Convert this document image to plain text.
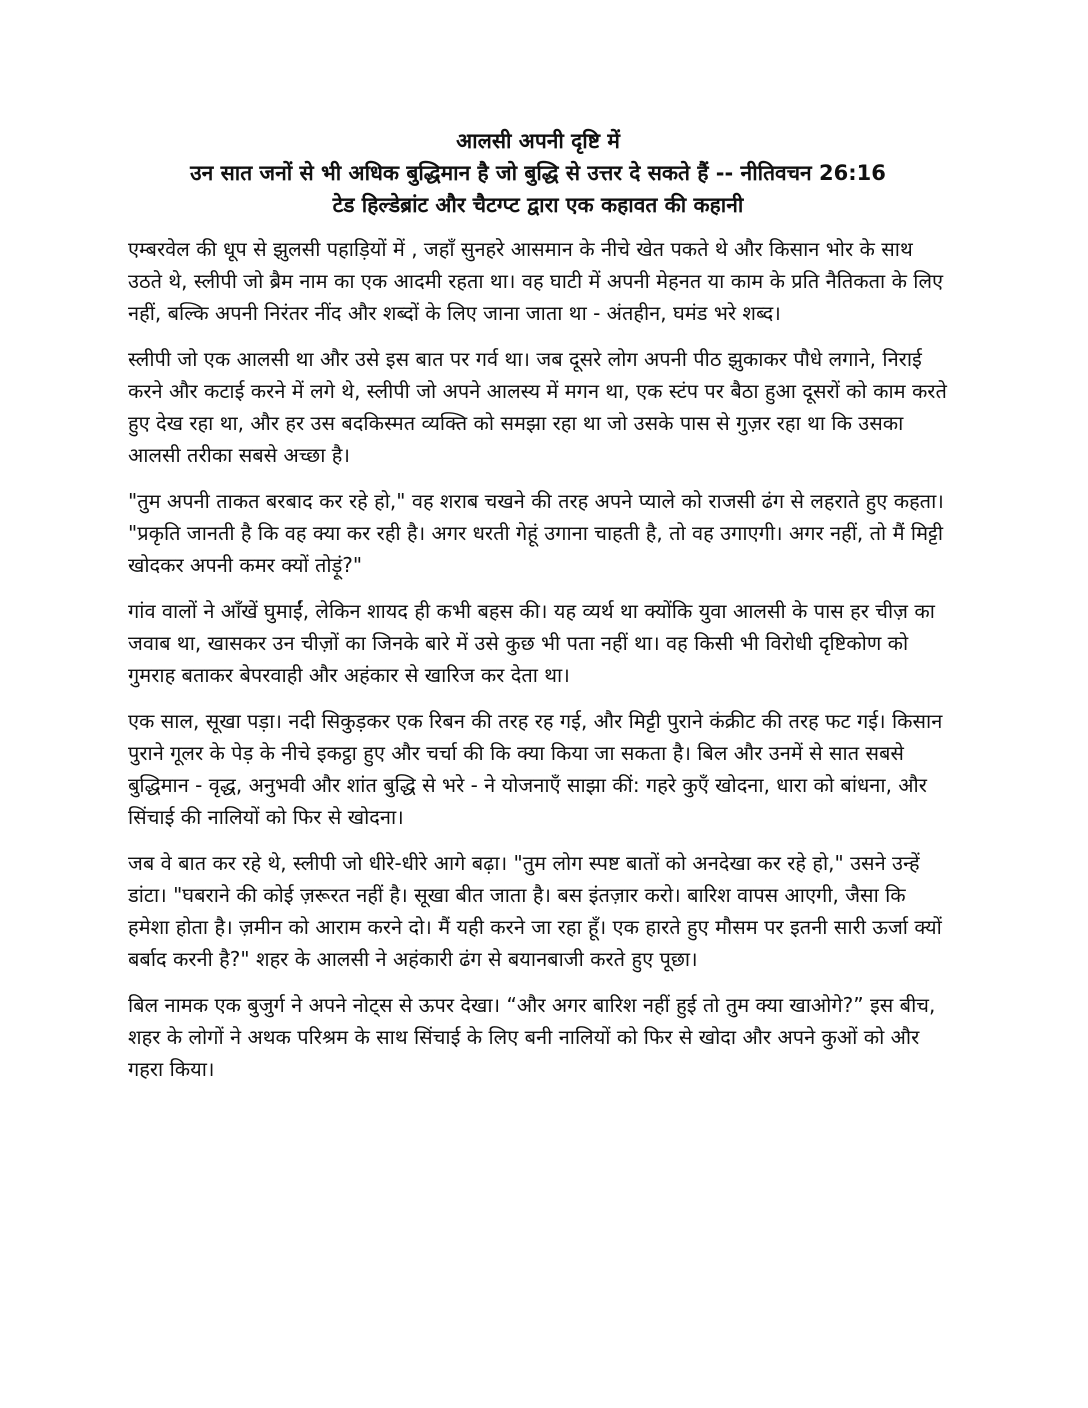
आलसी अपनी दृष्टि में

उन सात जनों से भी अधिक बुद्धिमान है जो बुद्धि से उत्तर दे सकते हैं -- नीतिवचन 26:16

टेड हिल्डेब्रांट और चैटग्प्ट द्वारा एक कहावत की कहानी

एम्बरवेल की धूप से झुलसी पहाड़ियों में , जहाँ सुनहरे आसमान के नीचे खेत पकते थे और किसान भोर के साथ उठते थे, स्लीपी जो ब्रैम नाम का एक आदमी रहता था। वह घाटी में अपनी मेहनत या काम के प्रति नैतिकता के लिए नहीं, बल्कि अपनी निरंतर नींद और शब्दों के लिए जाना जाता था - अंतहीन, घमंड भरे शब्द।

स्लीपी जो एक आलसी था और उसे इस बात पर गर्व था। जब दूसरे लोग अपनी पीठ झुकाकर पौधे लगाने, निराई करने और कटाई करने में लगे थे, स्लीपी जो अपने आलस्य में मगन था, एक स्टंप पर बैठा हुआ दूसरों को काम करते हुए देख रहा था, और हर उस बदकिस्मत व्यक्ति को समझा रहा था जो उसके पास से गुज़र रहा था कि उसका आलसी तरीका सबसे अच्छा है।

"तुम अपनी ताकत बरबाद कर रहे हो," वह शराब चखने की तरह अपने प्याले को राजसी ढंग से लहराते हुए कहता। "प्रकृति जानती है कि वह क्या कर रही है। अगर धरती गेहूं उगाना चाहती है, तो वह उगाएगी। अगर नहीं, तो मैं मिट्टी खोदकर अपनी कमर क्यों तोड़ूं?"

गांव वालों ने आँखें घुमाईं, लेकिन शायद ही कभी बहस की। यह व्यर्थ था क्योंकि युवा आलसी के पास हर चीज़ का जवाब था, खासकर उन चीज़ों का जिनके बारे में उसे कुछ भी पता नहीं था। वह किसी भी विरोधी दृष्टिकोण को गुमराह बताकर बेपरवाही और अहंकार से खारिज कर देता था।

एक साल, सूखा पड़ा। नदी सिकुड़कर एक रिबन की तरह रह गई, और मिट्टी पुराने कंक्रीट की तरह फट गई। किसान पुराने गूलर के पेड़ के नीचे इकट्ठा हुए और चर्चा की कि क्या किया जा सकता है। बिल और उनमें से सात सबसे बुद्धिमान - वृद्ध, अनुभवी और शांत बुद्धि से भरे - ने योजनाएँ साझा कीं: गहरे कुएँ खोदना, धारा को बांधना, और सिंचाई की नालियों को फिर से खोदना।

जब वे बात कर रहे थे, स्लीपी जो धीरे-धीरे आगे बढ़ा। "तुम लोग स्पष्ट बातों को अनदेखा कर रहे हो," उसने उन्हें डांटा। "घबराने की कोई ज़रूरत नहीं है। सूखा बीत जाता है। बस इंतज़ार करो। बारिश वापस आएगी, जैसा कि हमेशा होता है। ज़मीन को आराम करने दो। मैं यही करने जा रहा हूँ। एक हारते हुए मौसम पर इतनी सारी ऊर्जा क्यों बर्बाद करनी है?" शहर के आलसी ने अहंकारी ढंग से बयानबाजी करते हुए पूछा।

बिल नामक एक बुजुर्ग ने अपने नोट्स से ऊपर देखा। “और अगर बारिश नहीं हुई तो तुम क्या खाओगे?” इस बीच, शहर के लोगों ने अथक परिश्रम के साथ सिंचाई के लिए बनी नालियों को फिर से खोदा और अपने कुओं को और गहरा किया।
